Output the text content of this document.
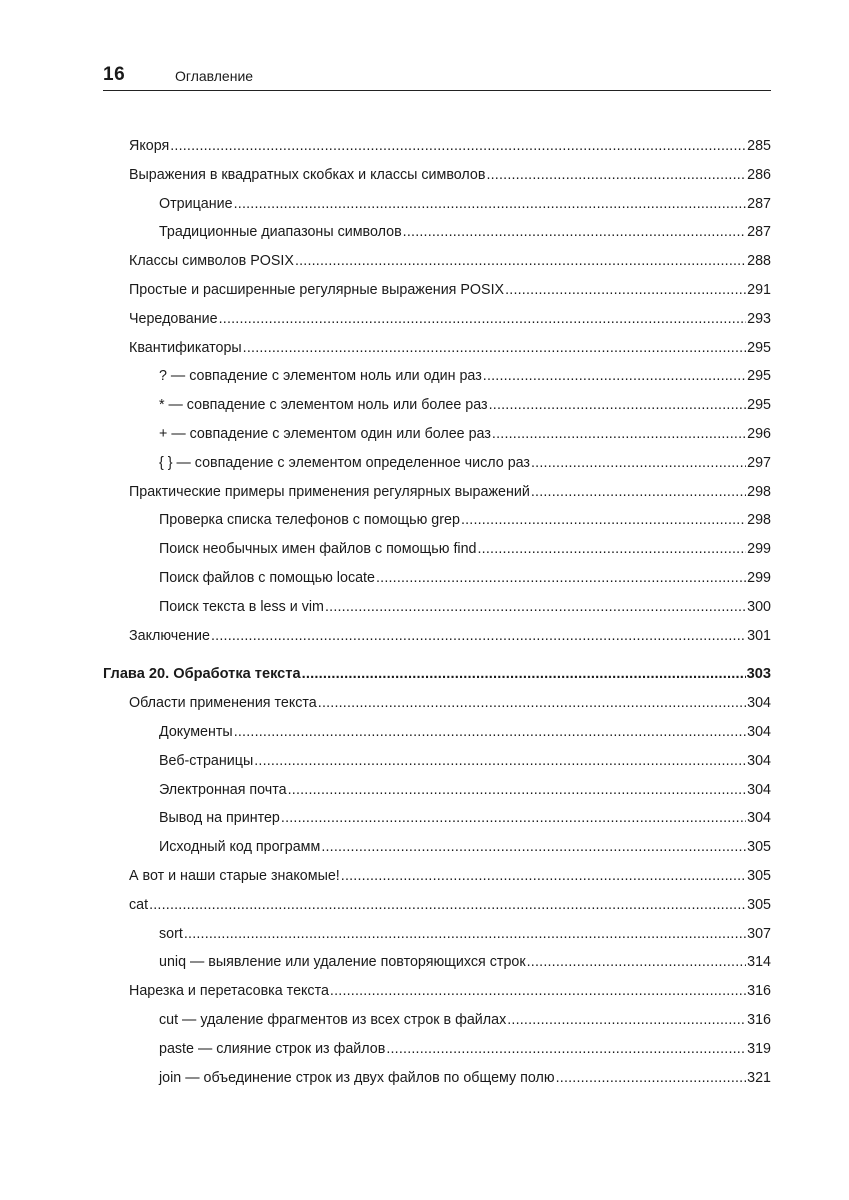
16	Оглавление
Якоря .....	285
Выражения в квадратных скобках и классы символов .....	286
Отрицание .....	287
Традиционные диапазоны символов .....	287
Классы символов POSIX .....	288
Простые и расширенные регулярные выражения POSIX .....	291
Чередование .....	293
Квантификаторы .....	295
? — совпадение с элементом ноль или один раз .....	295
* — совпадение с элементом ноль или более раз .....	295
+ — совпадение с элементом один или более раз .....	296
{ } — совпадение с элементом определенное число раз .....	297
Практические примеры применения регулярных выражений .....	298
Проверка списка телефонов с помощью grep .....	298
Поиск необычных имен файлов с помощью find .....	299
Поиск файлов с помощью locate .....	299
Поиск текста в less и vim .....	300
Заключение .....	301
Глава 20. Обработка текста .....	303
Области применения текста .....	304
Документы .....	304
Веб-страницы .....	304
Электронная почта .....	304
Вывод на принтер .....	304
Исходный код программ .....	305
А вот и наши старые знакомые! .....	305
cat .....	305
sort .....	307
uniq — выявление или удаление повторяющихся строк .....	314
Нарезка и перетасовка текста .....	316
cut — удаление фрагментов из всех строк в файлах .....	316
paste — слияние строк из файлов .....	319
join — объединение строк из двух файлов по общему полю .....	321
